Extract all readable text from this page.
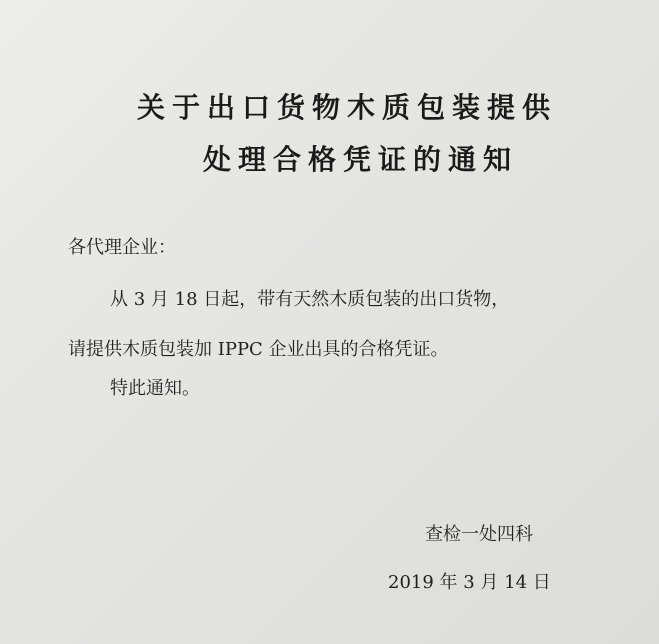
关于出口货物木质包装提供
处理合格凭证的通知
各代理企业：
从 3 月 18 日起，带有天然木质包装的出口货物，
请提供木质包装加 IPPC 企业出具的合格凭证。
特此通知。
查检一处四科
2019 年 3 月 14 日
